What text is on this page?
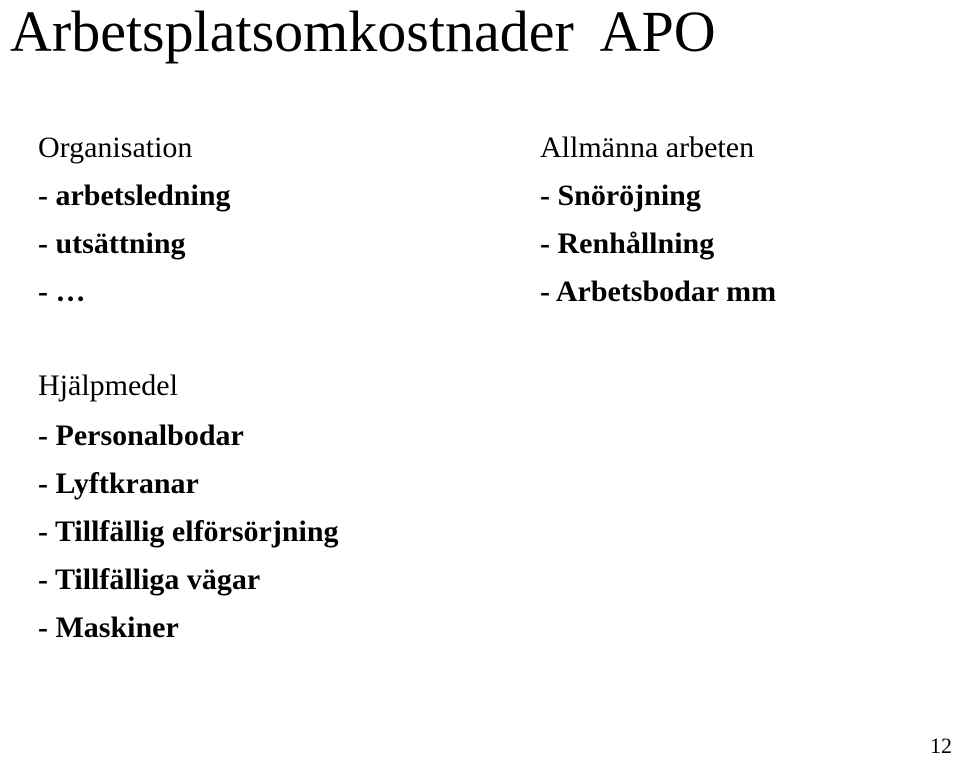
Arbetsplatsomkostnader  APO
Organisation
- arbetsledning
- utsättning
- …
Allmänna arbeten
- Snöröjning
- Renhållning
- Arbetsbodar mm
Hjälpmedel
- Personalbodar
- Lyftkranar
- Tillfällig elförsörjning
- Tillfälliga vägar
- Maskiner
12
